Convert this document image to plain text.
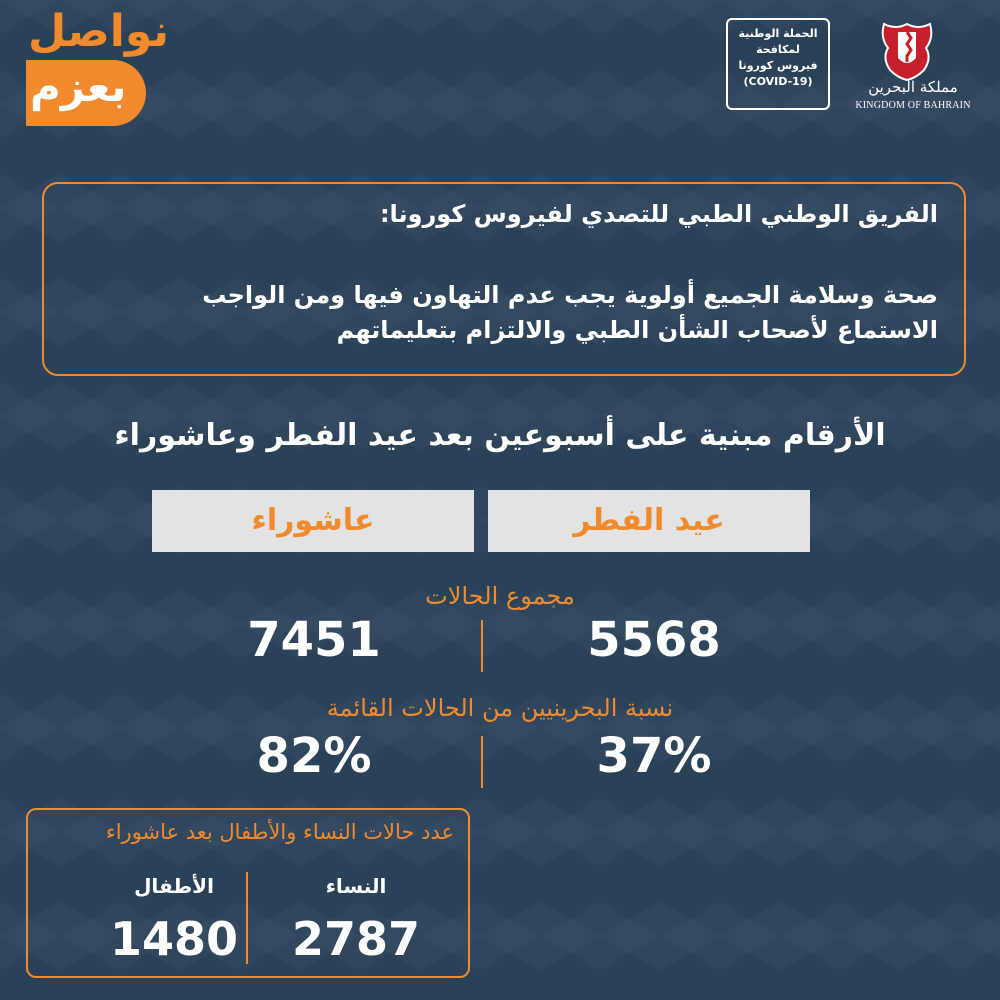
نواصل
بعزم
الحملة الوطنية
لمكافحة
فيروس كورونا
(COVID-19)	مملكة البحرين
KINGDOM OF BAHRAIN
الفريق الوطني الطبي للتصدي لفيروس كورونا:
صحة وسلامة الجميع أولوية يجب عدم التهاون فيها ومن الواجب
الاستماع لأصحاب الشأن الطبي والالتزام بتعليماتهم
الأرقام مبنية على أسبوعين بعد عيد الفطر وعاشوراء
عيد الفطر
عاشوراء
مجموع الحالات
5568
7451
نسبة البحرينيين من الحالات القائمة
37%
82%
عدد حالات النساء والأطفال بعد عاشوراء
النساء
الأطفال
2787
1480
